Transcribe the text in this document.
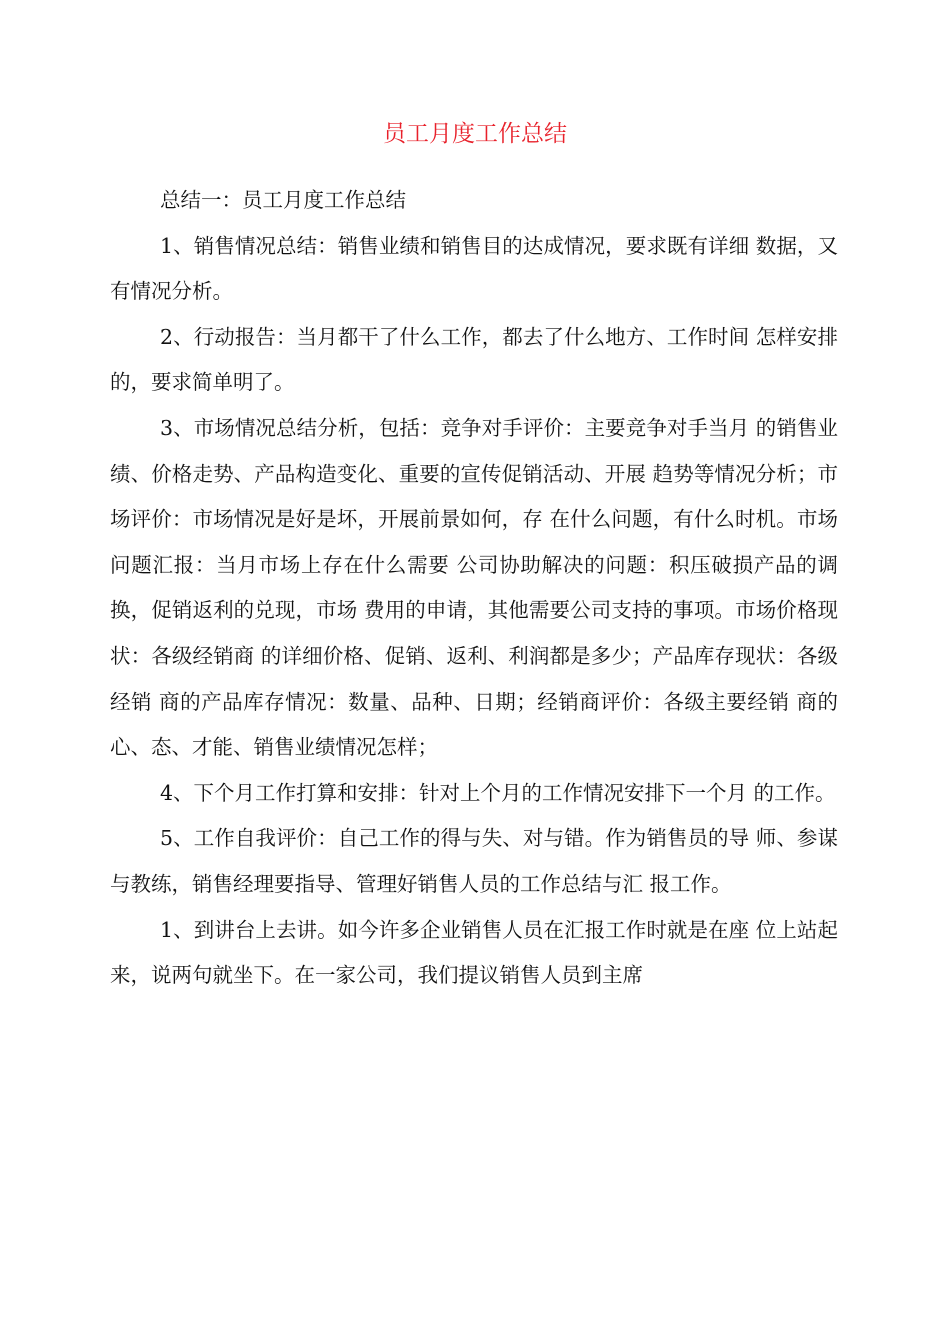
员工月度工作总结

总结一：员工月度工作总结

1、销售情况总结：销售业绩和销售目的达成情况，要求既有详细 数据，又有情况分析。

2、行动报告：当月都干了什么工作，都去了什么地方、工作时间 怎样安排的，要求简单明了。

3、市场情况总结分析，包括：竞争对手评价：主要竞争对手当月 的销售业绩、价格走势、产品构造变化、重要的宣传促销活动、开展 趋势等情况分析；市场评价：市场情况是好是坏，开展前景如何，存 在什么问题，有什么时机。市场问题汇报：当月市场上存在什么需要 公司协助解决的问题：积压破损产品的调换，促销返利的兑现，市场 费用的申请，其他需要公司支持的事项。市场价格现状：各级经销商 的详细价格、促销、返利、利润都是多少；产品库存现状：各级经销 商的产品库存情况：数量、品种、日期；经销商评价：各级主要经销 商的心、态、才能、销售业绩情况怎样；

4、下个月工作打算和安排：针对上个月的工作情况安排下一个月 的工作。

5、工作自我评价：自己工作的得与失、对与错。作为销售员的导 师、参谋与教练，销售经理要指导、管理好销售人员的工作总结与汇 报工作。

1、到讲台上去讲。如今许多企业销售人员在汇报工作时就是在座 位上站起来，说两句就坐下。在一家公司，我们提议销售人员到主席
